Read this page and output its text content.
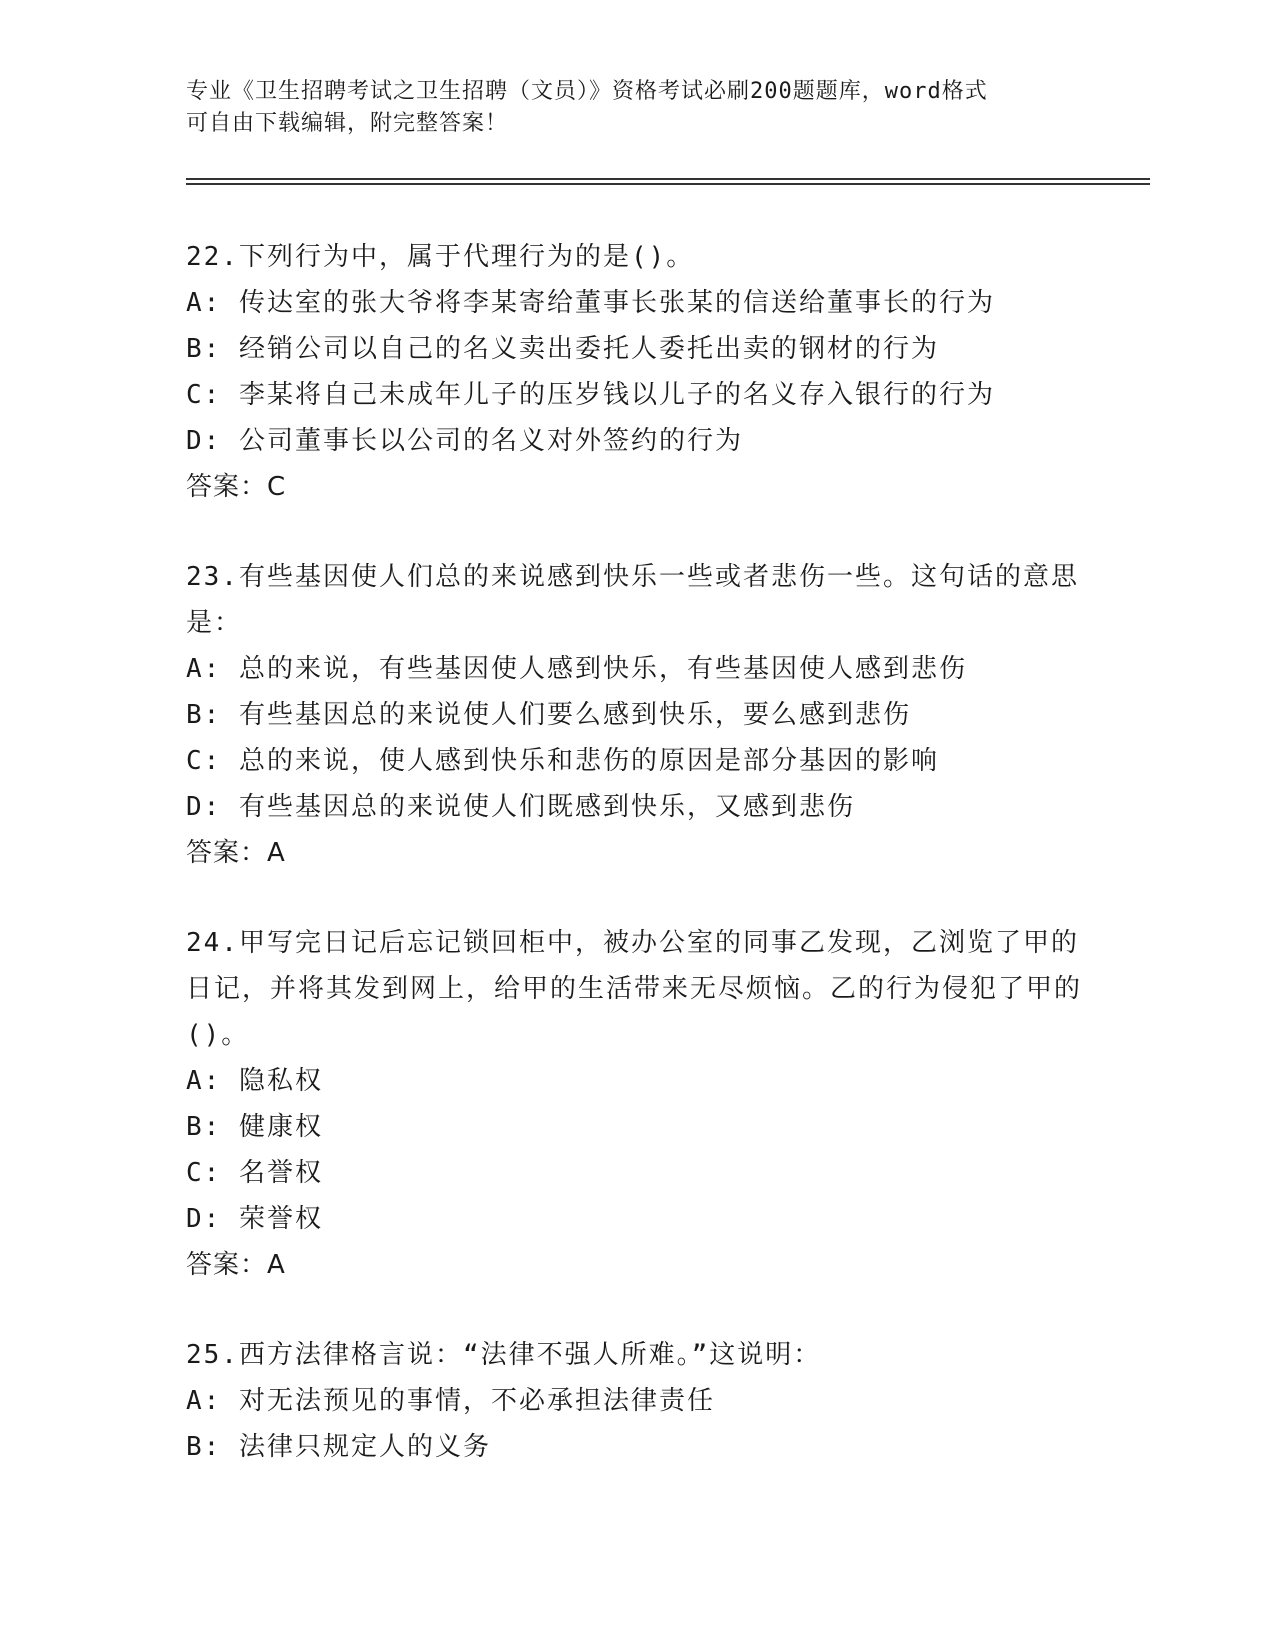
专业《卫生招聘考试之卫生招聘（文员）》资格考试必刷200题题库，word格式
可自由下载编辑，附完整答案！
22.下列行为中，属于代理行为的是()。
A: 传达室的张大爷将李某寄给董事长张某的信送给董事长的行为
B: 经销公司以自己的名义卖出委托人委托出卖的钢材的行为
C: 李某将自己未成年儿子的压岁钱以儿子的名义存入银行的行为
D: 公司董事长以公司的名义对外签约的行为
答案：C
23.有些基因使人们总的来说感到快乐一些或者悲伤一些。这句话的意思是：
A: 总的来说，有些基因使人感到快乐，有些基因使人感到悲伤
B: 有些基因总的来说使人们要么感到快乐，要么感到悲伤
C: 总的来说，使人感到快乐和悲伤的原因是部分基因的影响
D: 有些基因总的来说使人们既感到快乐，又感到悲伤
答案：A
24.甲写完日记后忘记锁回柜中，被办公室的同事乙发现，乙浏览了甲的日记，并将其发到网上，给甲的生活带来无尽烦恼。乙的行为侵犯了甲的()。
A: 隐私权
B: 健康权
C: 名誉权
D: 荣誉权
答案：A
25.西方法律格言说：“法律不强人所难。”这说明：
A: 对无法预见的事情，不必承担法律责任
B: 法律只规定人的义务
